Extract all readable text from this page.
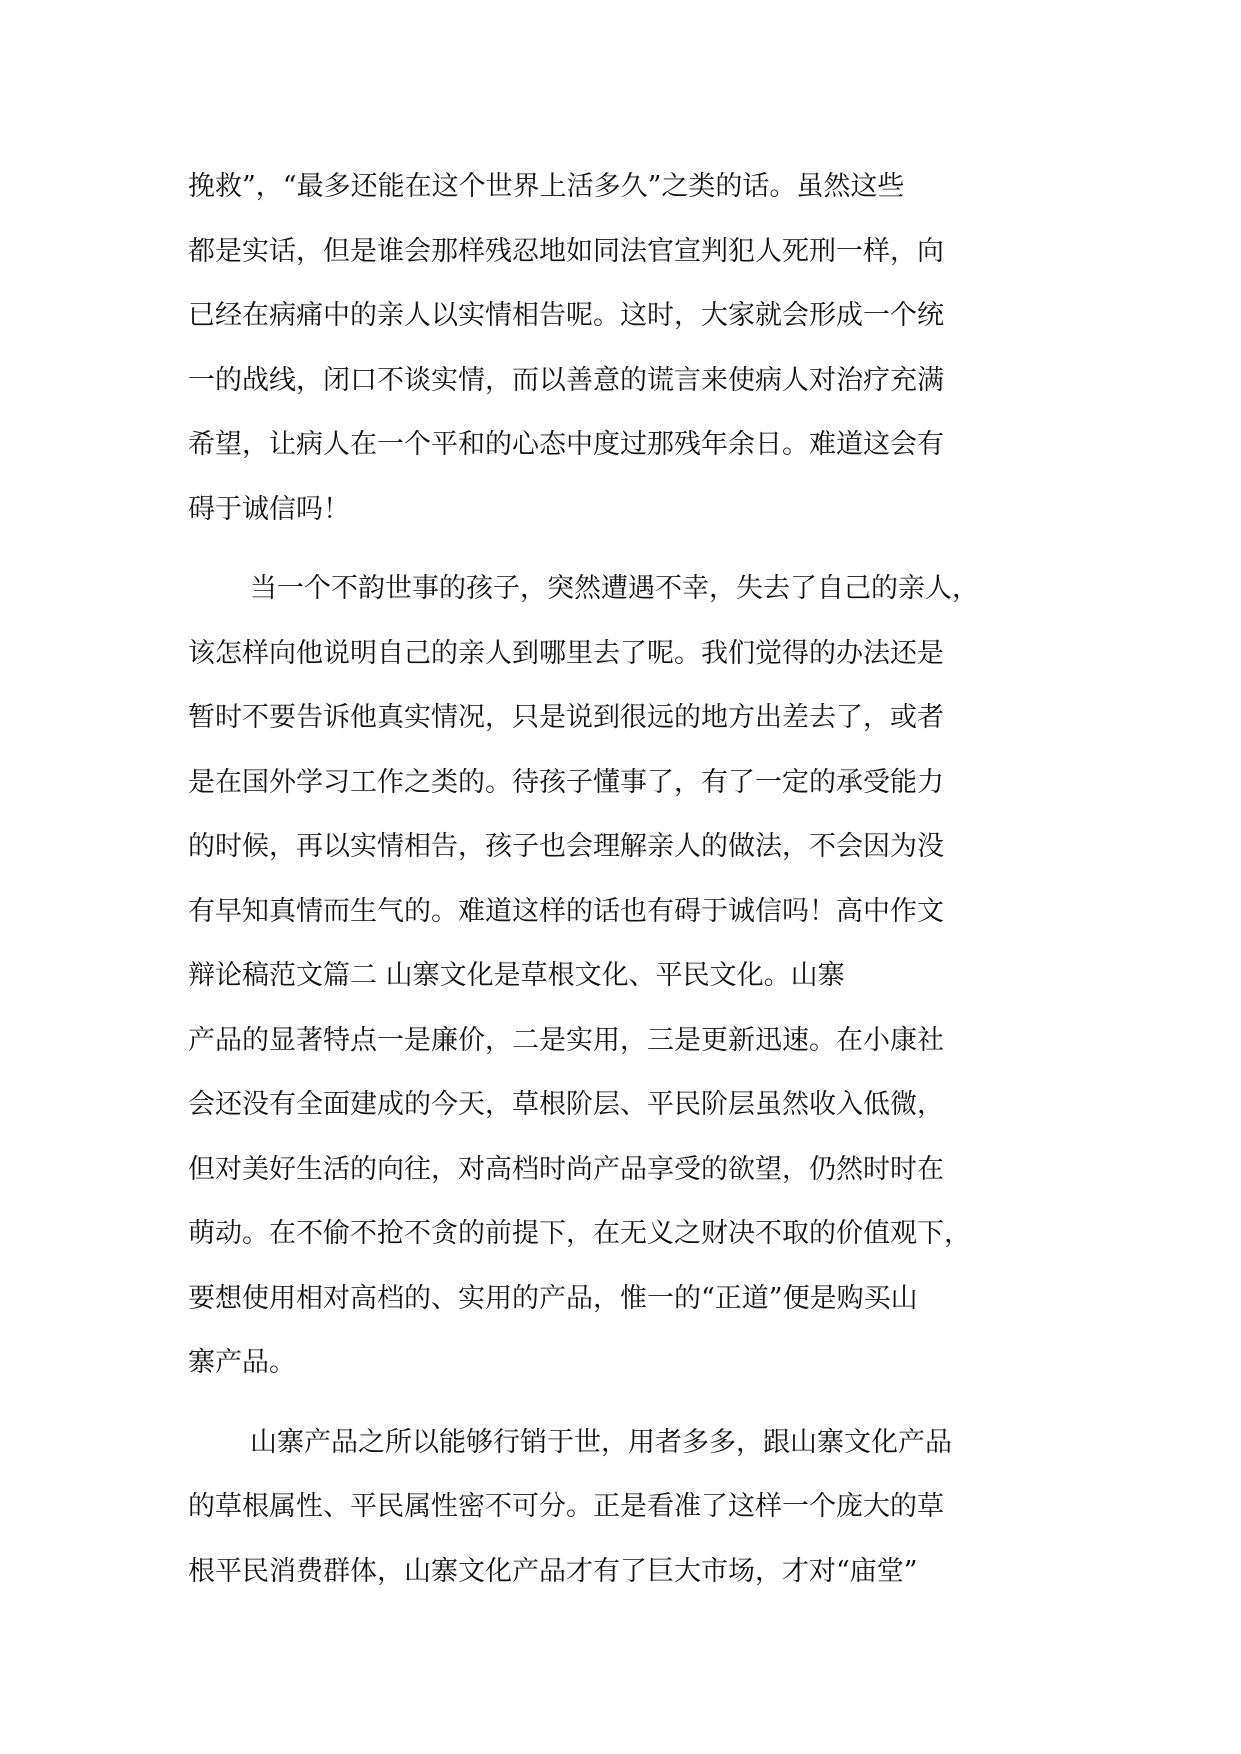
挽救”，“最多还能在这个世界上活多久”之类的话。虽然这些
都是实话，但是谁会那样残忍地如同法官宣判犯人死刑一样，向
已经在病痛中的亲人以实情相告呢。这时，大家就会形成一个统
一的战线，闭口不谈实情，而以善意的谎言来使病人对治疗充满
希望，让病人在一个平和的心态中度过那残年余日。难道这会有
碍于诚信吗！
当一个不韵世事的孩子，突然遭遇不幸，失去了自己的亲人，
该怎样向他说明自己的亲人到哪里去了呢。我们觉得的办法还是
暂时不要告诉他真实情况，只是说到很远的地方出差去了，或者
是在国外学习工作之类的。待孩子懂事了，有了一定的承受能力
的时候，再以实情相告，孩子也会理解亲人的做法，不会因为没
有早知真情而生气的。难道这样的话也有碍于诚信吗！高中作文
辩论稿范文篇二 山寨文化是草根文化、平民文化。山寨
产品的显著特点一是廉价，二是实用，三是更新迅速。在小康社
会还没有全面建成的今天，草根阶层、平民阶层虽然收入低微，
但对美好生活的向往，对高档时尚产品享受的欲望，仍然时时在
萌动。在不偷不抢不贪的前提下，在无义之财决不取的价值观下，
要想使用相对高档的、实用的产品，惟一的“正道”便是购买山
寨产品。
山寨产品之所以能够行销于世，用者多多，跟山寨文化产品
的草根属性、平民属性密不可分。正是看准了这样一个庞大的草
根平民消费群体，山寨文化产品才有了巨大市场，才对“庙堂”
